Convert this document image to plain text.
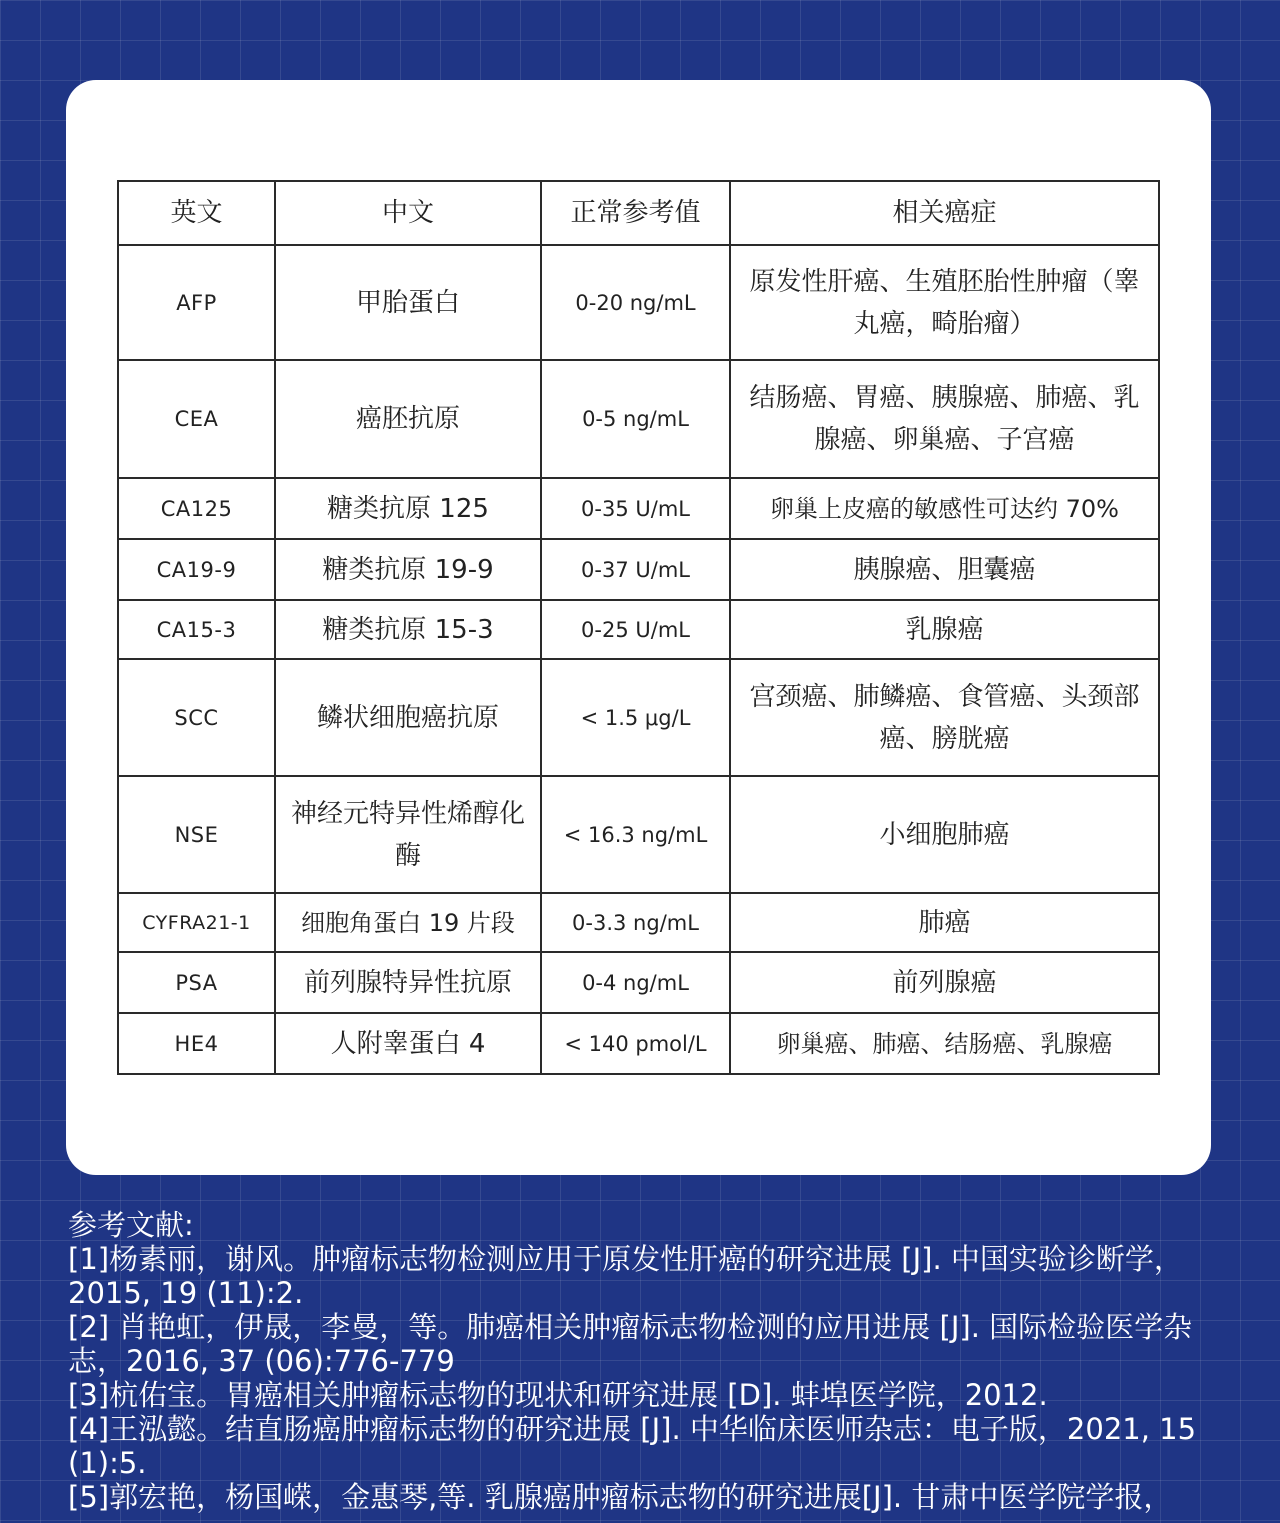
英文	中文	正常参考值	相关癌症
AFP	甲胎蛋白	0-20 ng/mL	原发性肝癌、生殖胚胎性肿瘤（睾丸癌，畸胎瘤）
CEA	癌胚抗原	0-5 ng/mL	结肠癌、胃癌、胰腺癌、肺癌、乳腺癌、卵巢癌、子宫癌
CA125	糖类抗原 125	0-35 U/mL	卵巢上皮癌的敏感性可达约 70%
CA19-9	糖类抗原 19-9	0-37 U/mL	胰腺癌、胆囊癌
CA15-3	糖类抗原 15-3	0-25 U/mL	乳腺癌
SCC	鳞状细胞癌抗原	< 1.5 μg/L	宫颈癌、肺鳞癌、食管癌、头颈部癌、膀胱癌
NSE	神经元特异性烯醇化酶	< 16.3 ng/mL	小细胞肺癌
CYFRA21-1	细胞角蛋白 19 片段	0-3.3 ng/mL	肺癌
PSA	前列腺特异性抗原	0-4 ng/mL	前列腺癌
HE4	人附睾蛋白 4	< 140 pmol/L	卵巢癌、肺癌、结肠癌、乳腺癌
参考文献:
[1]杨素丽，谢风。肿瘤标志物检测应用于原发性肝癌的研究进展 [J]. 中国实验诊断学，2015, 19 (11):2.
[2] 肖艳虹，伊晟，李曼，等。肺癌相关肿瘤标志物检测的应用进展 [J]. 国际检验医学杂志，2016, 37 (06):776-779
[3]杭佑宝。胃癌相关肿瘤标志物的现状和研究进展 [D]. 蚌埠医学院，2012.
[4]王泓懿。结直肠癌肿瘤标志物的研究进展 [J]. 中华临床医师杂志：电子版，2021, 15 (1):5.
[5]郭宏艳，杨国嵘，金惠琴,等. 乳腺癌肿瘤标志物的研究进展[J]. 甘肃中医学院学报，
